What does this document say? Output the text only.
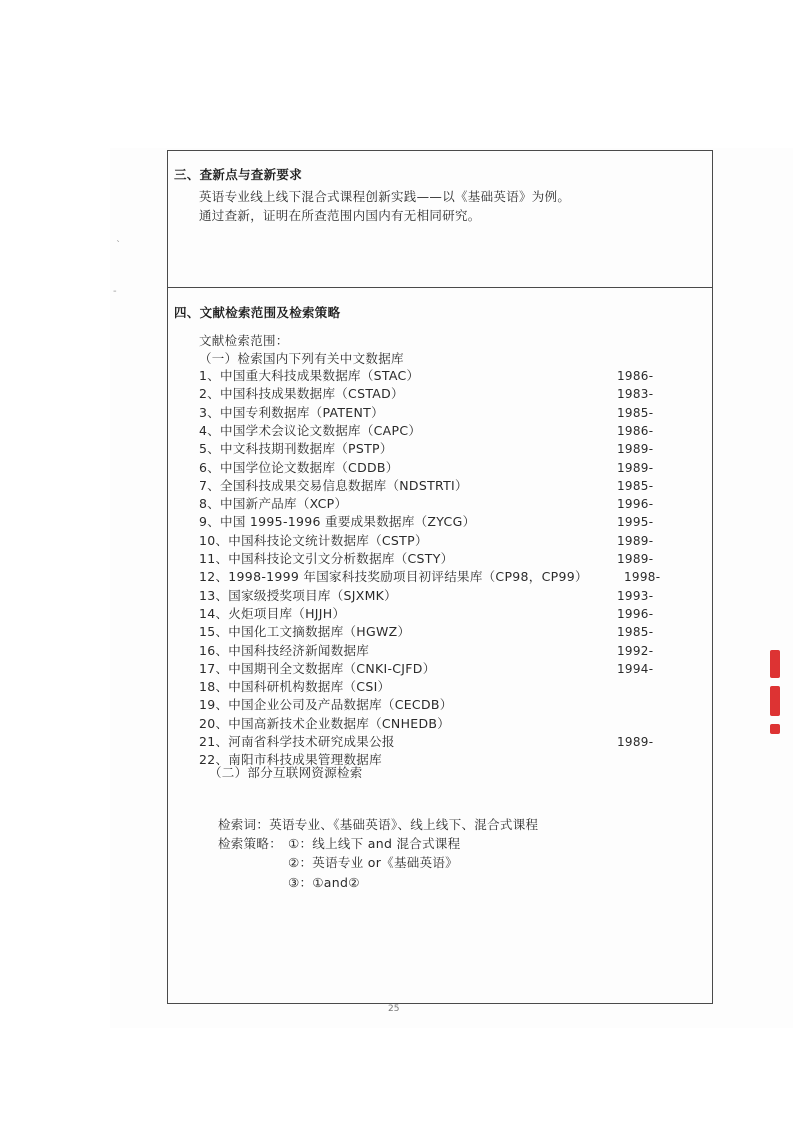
ˋ
-
三、查新点与查新要求
英语专业线上线下混合式课程创新实践——以《基础英语》为例。
通过查新，证明在所查范围内国内有无相同研究。
四、文献检索范围及检索策略
文献检索范围：
（一）检索国内下列有关中文数据库
1、中国重大科技成果数据库（STAC）	1986-
2、中国科技成果数据库（CSTAD）	1983-
3、中国专利数据库（PATENT）	1985-
4、中国学术会议论文数据库（CAPC）	1986-
5、中文科技期刊数据库（PSTP）	1989-
6、中国学位论文数据库（CDDB）	1989-
7、全国科技成果交易信息数据库（NDSTRTI）	1985-
8、中国新产品库（XCP）	1996-
9、中国 1995-1996 重要成果数据库（ZYCG）	1995-
10、中国科技论文统计数据库（CSTP）	1989-
11、中国科技论文引文分析数据库（CSTY）	1989-
12、1998-1999 年国家科技奖励项目初评结果库（CP98，CP99）	1998-
13、国家级授奖项目库（SJXMK）	1993-
14、火炬项目库（HJJH）	1996-
15、中国化工文摘数据库（HGWZ）	1985-
16、中国科技经济新闻数据库	1992-
17、中国期刊全文数据库（CNKI-CJFD）	1994-
18、中国科研机构数据库（CSI）
19、中国企业公司及产品数据库（CECDB）
20、中国高新技术企业数据库（CNHEDB）
21、河南省科学技术研究成果公报	1989-
22、南阳市科技成果管理数据库
（二）部分互联网资源检索
检索词：英语专业、《基础英语》、线上线下、混合式课程
检索策略： ①：线上线下 and 混合式课程
②：英语专业 or《基础英语》
③：①and②
25
